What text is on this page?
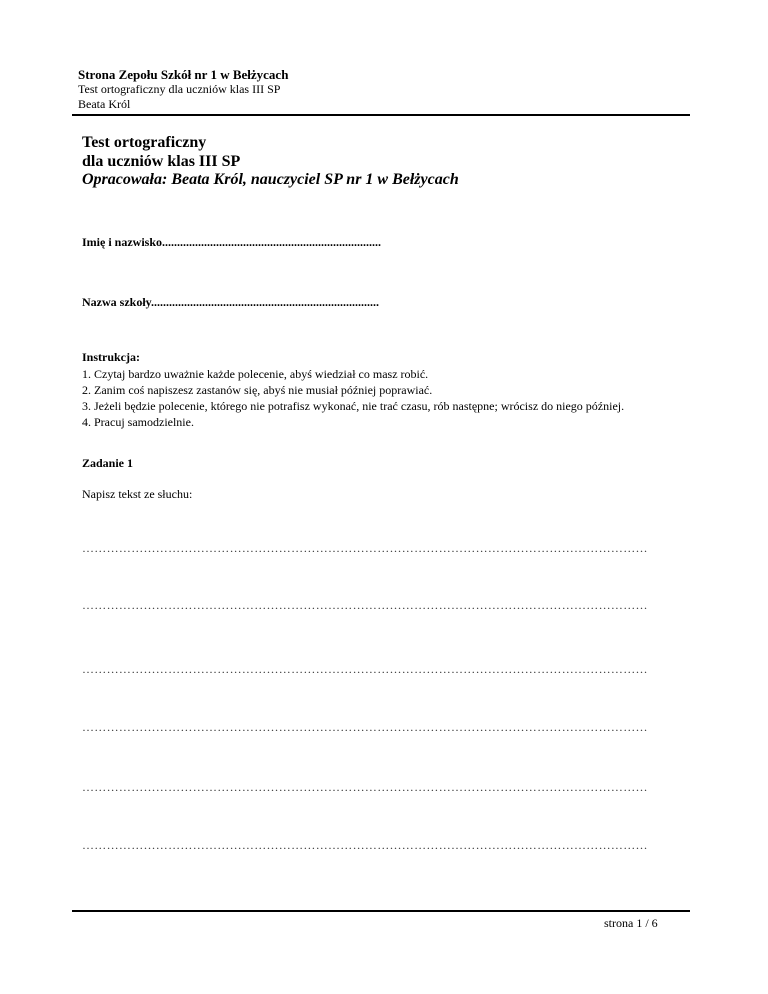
Strona Zepołu Szkół nr 1 w Bełżycach
Test ortograficzny dla uczniów klas III SP
Beata Król
Test ortograficzny
dla uczniów klas III SP
Opracowała: Beata Król, nauczyciel SP nr 1 w Bełżycach
Imię i nazwisko.........................................................................
Nazwa szkoły............................................................................
Instrukcja:
1. Czytaj bardzo uważnie każde polecenie, abyś wiedział co masz robić.
2. Zanim coś napiszesz zastanów się, abyś nie musiał później poprawiać.
3. Jeżeli będzie polecenie, którego nie potrafisz wykonać, nie trać czasu, rób następne; wrócisz do niego później.
4. Pracuj samodzielnie.
Zadanie 1
Napisz tekst ze słuchu:
…………………………………………………………………………………………………………………………
…………………………………………………………………………………………………………………………
…………………………………………………………………………………………………………………………
…………………………………………………………………………………………………………………………
…………………………………………………………………………………………………………………………
…………………………………………………………………………………………………………………………
strona 1 / 6
